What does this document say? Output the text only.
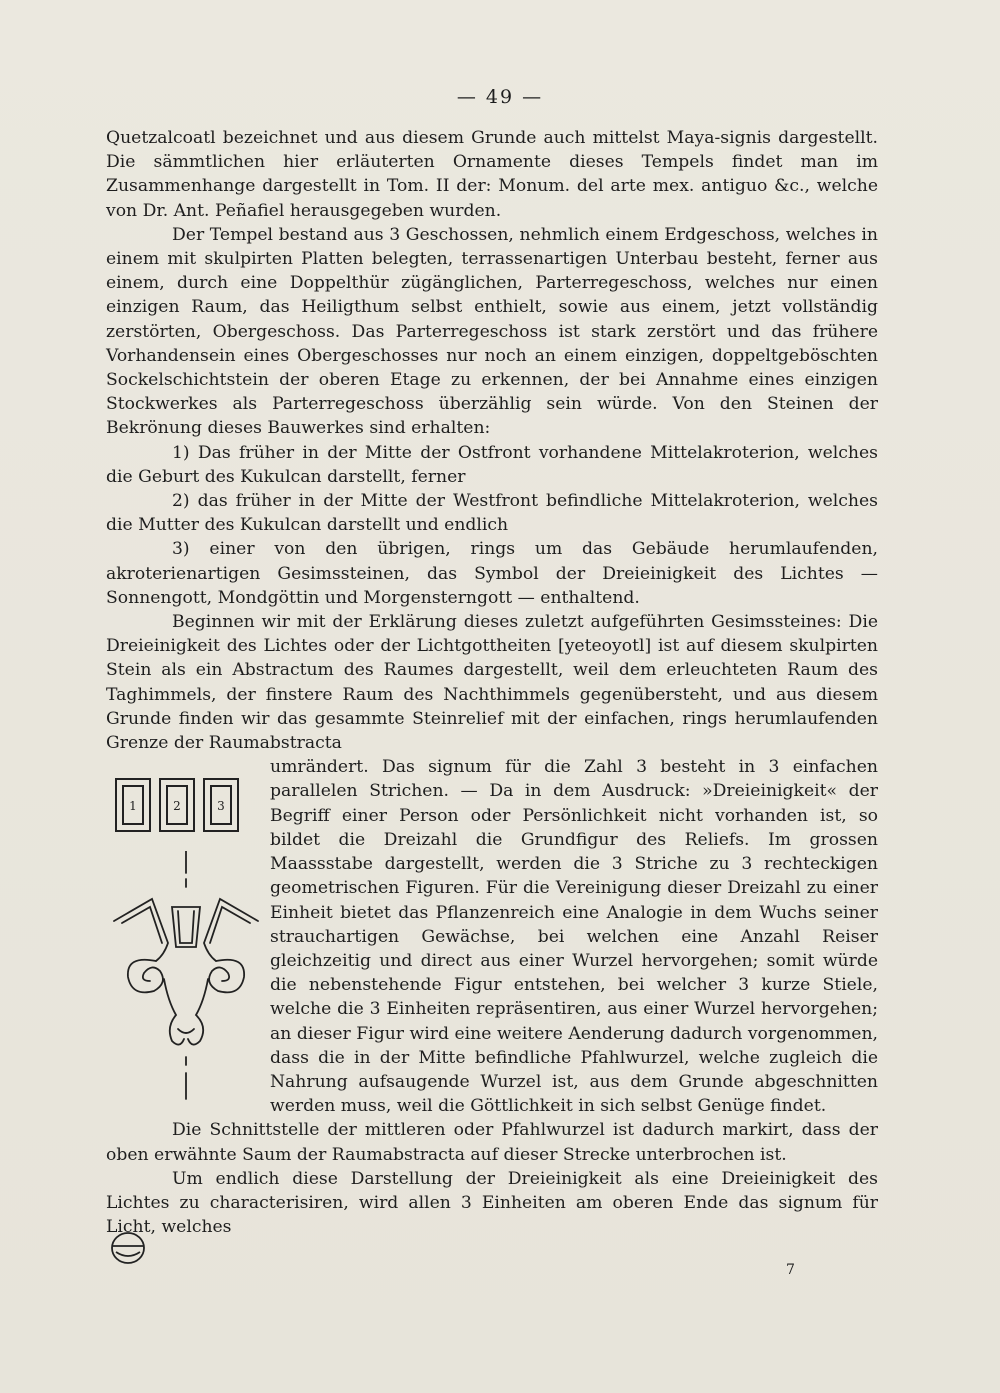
— 49 —

Quetzalcoatl bezeichnet und aus diesem Grunde auch mittelst Maya-signis dargestellt. Die sämmtlichen hier erläuterten Ornamente dieses Tempels findet man im Zusammenhange dargestellt in Tom. II der: Monum. del arte mex. antiguo &c., welche von Dr. Ant. Peñafiel herausgegeben wurden.

Der Tempel bestand aus 3 Geschossen, nehmlich einem Erdgeschoss, welches in einem mit skulpirten Platten belegten, terrassenartigen Unterbau besteht, ferner aus einem, durch eine Doppelthür zügänglichen, Parterregeschoss, welches nur einen einzigen Raum, das Heiligthum selbst enthielt, sowie aus einem, jetzt vollständig zerstörten, Obergeschoss. Das Parterregeschoss ist stark zerstört und das frühere Vorhandensein eines Obergeschosses nur noch an einem einzigen, doppeltgeböschten Sockelschichtstein der oberen Etage zu erkennen, der bei Annahme eines einzigen Stockwerkes als Parterregeschoss überzählig sein würde. Von den Steinen der Bekrönung dieses Bauwerkes sind erhalten:

1) Das früher in der Mitte der Ostfront vorhandene Mittelakroterion, welches die Geburt des Kukulcan darstellt, ferner

2) das früher in der Mitte der Westfront befindliche Mittelakroterion, welches die Mutter des Kukulcan darstellt und endlich

3) einer von den übrigen, rings um das Gebäude herumlaufenden, akroterienartigen Gesimssteinen, das Symbol der Dreieinigkeit des Lichtes — Sonnengott, Mondgöttin und Morgensterngott — enthaltend.

Beginnen wir mit der Erklärung dieses zuletzt aufgeführten Gesimssteines: Die Dreieinigkeit des Lichtes oder der Lichtgottheiten [yeteoyotl] ist auf diesem skulpirten Stein als ein Abstractum des Raumes dargestellt, weil dem erleuchteten Raum des Taghimmels, der finstere Raum des Nachthimmels gegenübersteht, und aus diesem Grunde finden wir das gesammte Steinrelief mit der einfachen, rings herumlaufenden Grenze der Raumabstracta

1	2	3

umrändert. Das signum für die Zahl 3 besteht in 3 einfachen parallelen Strichen. — Da in dem Ausdruck: »Dreieinigkeit« der Begriff einer Person oder Persönlichkeit nicht vorhanden ist, so bildet die Dreizahl die Grundfigur des Reliefs. Im grossen Maassstabe dargestellt, werden die 3 Striche zu 3 rechteckigen geometrischen Figuren. Für die Vereinigung dieser Dreizahl zu einer Einheit bietet das Pflanzenreich eine Analogie in dem Wuchs seiner strauchartigen Gewächse, bei welchen eine Anzahl Reiser gleichzeitig und direct aus einer Wurzel hervorgehen; somit würde die nebenstehende Figur entstehen, bei welcher 3 kurze Stiele, welche die 3 Einheiten repräsentiren, aus einer Wurzel hervorgehen; an dieser Figur wird eine weitere Aenderung dadurch vorgenommen, dass die in der Mitte befindliche Pfahlwurzel, welche zugleich die Nahrung aufsaugende Wurzel ist, aus dem Grunde abgeschnitten werden muss, weil die Göttlichkeit in sich selbst Genüge findet.

Die Schnittstelle der mittleren oder Pfahlwurzel ist dadurch markirt, dass der oben erwähnte Saum der Raumabstracta auf dieser Strecke unterbrochen ist.

Um endlich diese Darstellung der Dreieinigkeit als eine Dreieinigkeit des Lichtes zu characterisiren, wird allen 3 Einheiten am oberen Ende das signum für Licht, welches

7
